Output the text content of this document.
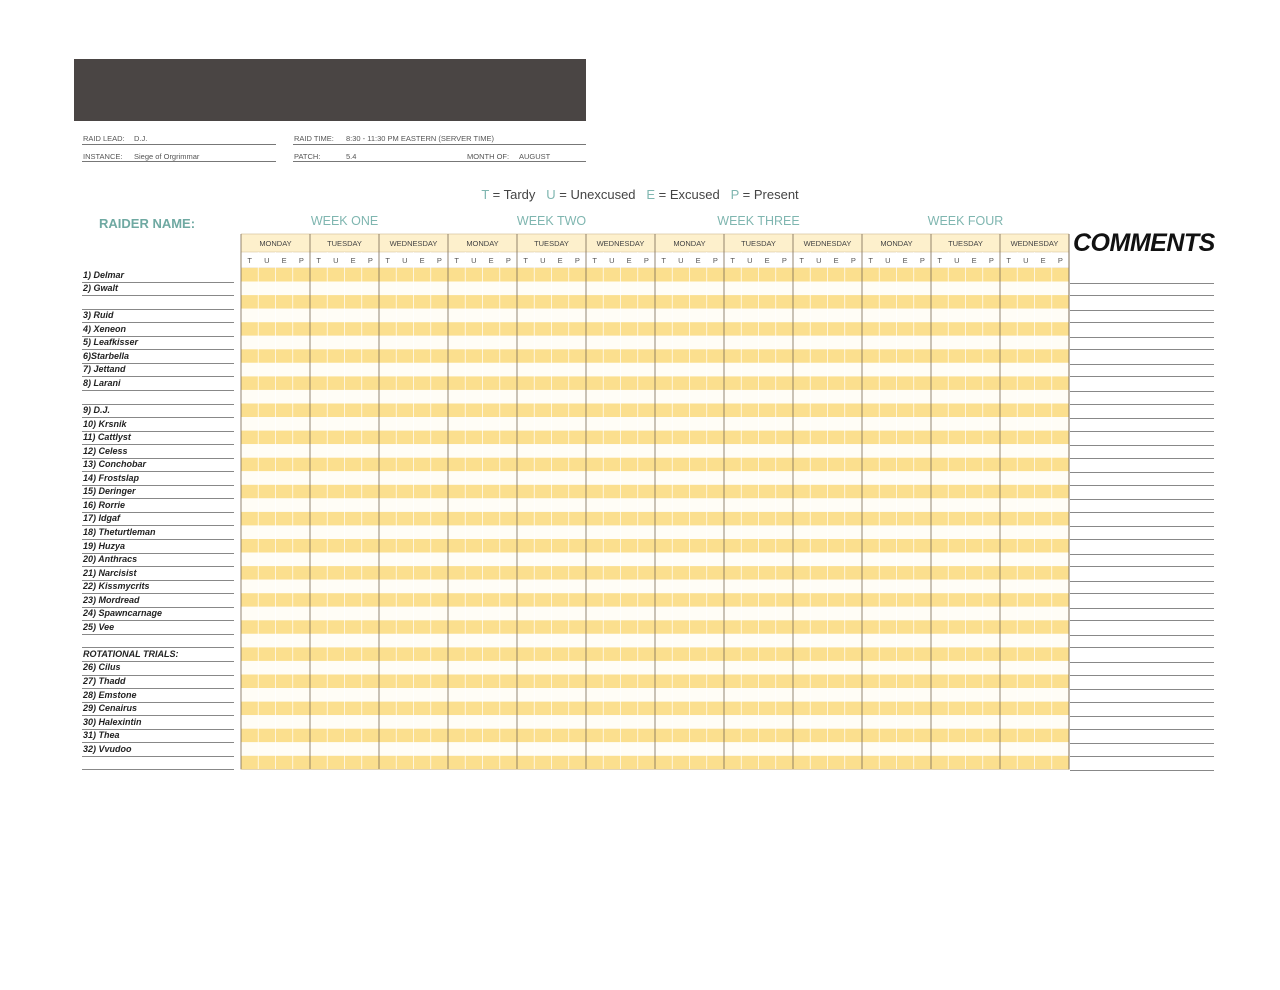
RAID LEAD: D.J.	RAID TIME: 8:30 - 11:30 PM EASTERN (SERVER TIME)
INSTANCE: Siege of Orgrimmar	PATCH:	5.4	MONTH OF: AUGUST
T = Tardy U = Unexcused E = Excused P = Present
RAIDER NAME:	WEEK ONE	WEEK TWO	WEEK THREE	WEEK FOUR
COMMENTS
MONDAY	TUESDAY	WEDNESDAY	MONDAY	TUESDAY	WEDNESDAY	MONDAY	TUESDAY	WEDNESDAY	MONDAY	TUESDAY	WEDNESDAY
T U E P T U E P T U E P T U E P T U E P T U E P T U E P T U E P T U E P T U E P T U E P T U E P
1) Delmar
2) Gwalt
3) Ruid
4) Xeneon
5) Leafkisser
6)Starbella
7) Jettand
8) Larani
9) D.J.
10) Krsnik
11) Cattlyst
12) Celess
13) Conchobar
14) Frostslap
15) Deringer
16) Rorrie
17) Idgaf
18) Theturtleman
19) Huzya
20) Anthracs
21) Narcisist
22) Kissmycrits
23) Mordread
24) Spawncarnage
25) Vee
ROTATIONAL TRIALS:
26) Cilus
27) Thadd
28) Emstone
29) Cenairus
30) Halexintin
31) Thea
32) Vvudoo
